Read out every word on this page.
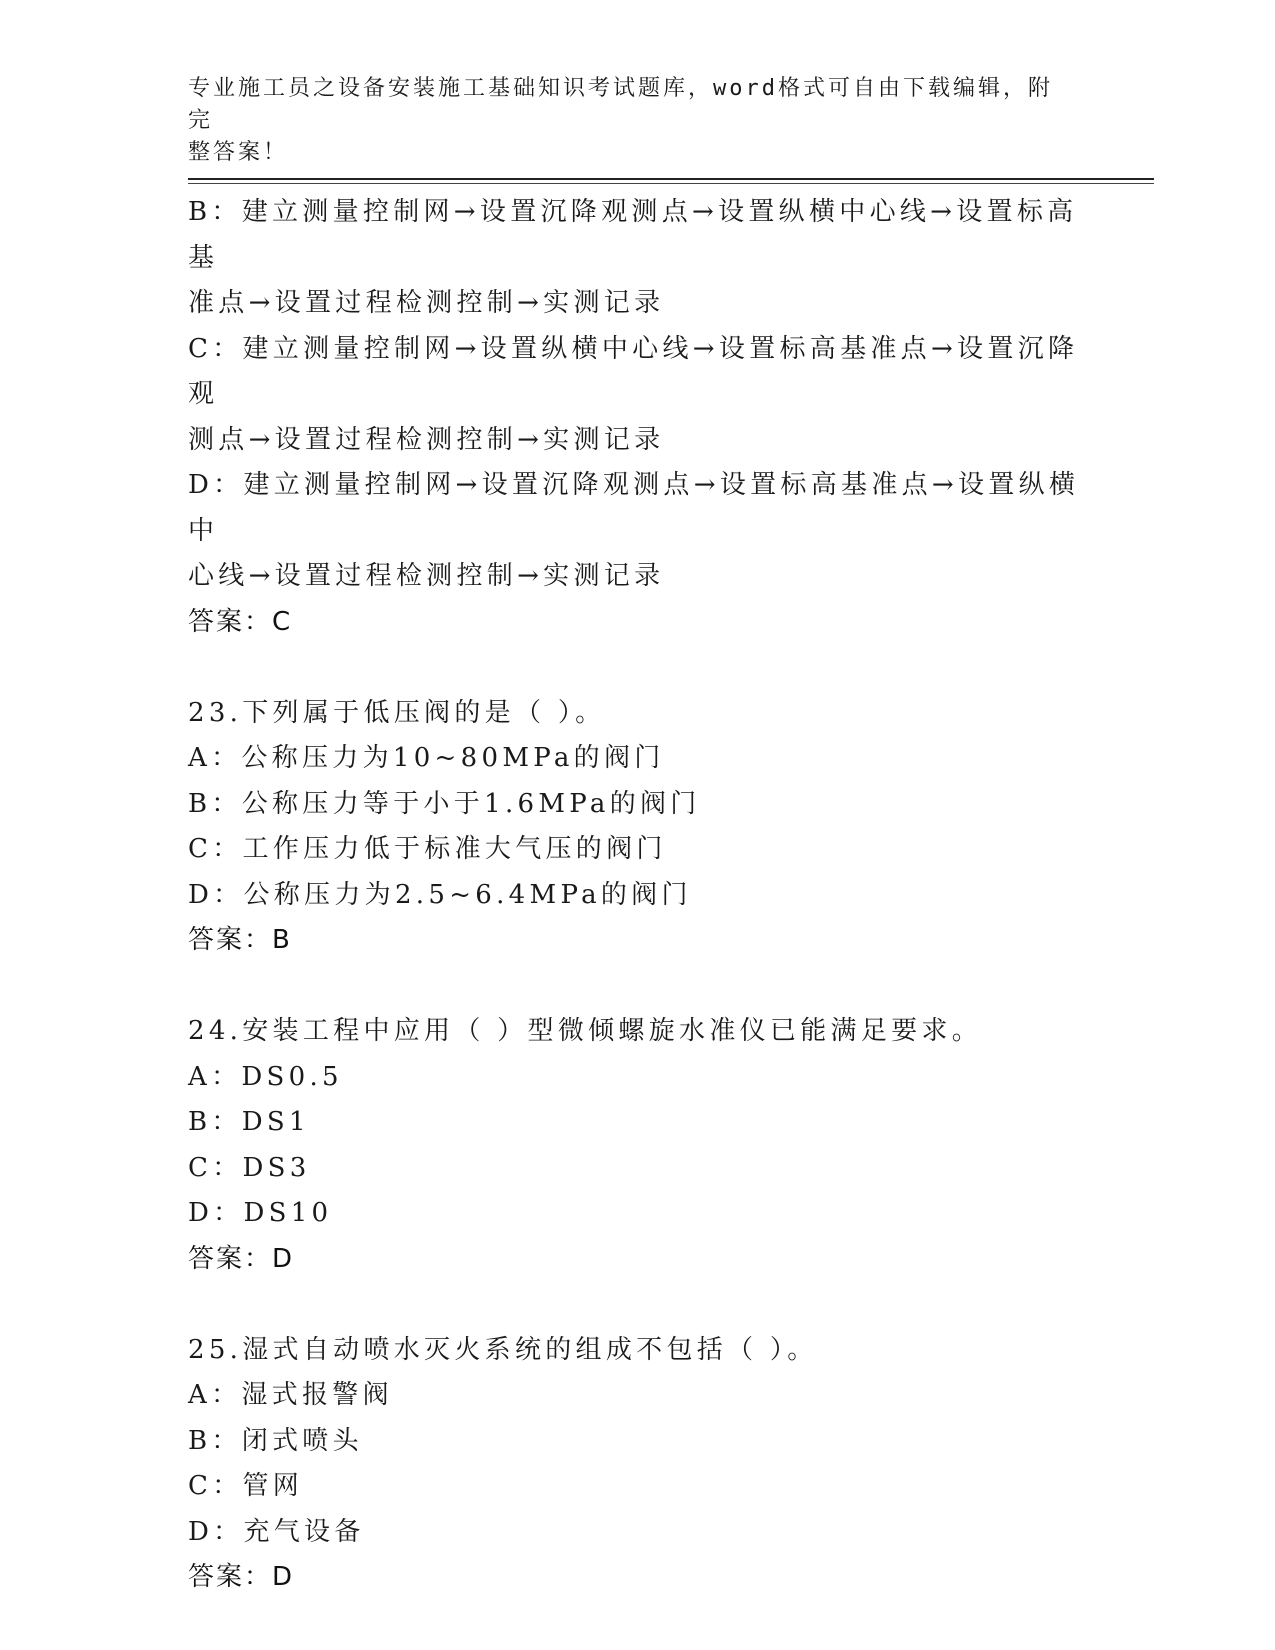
专业施工员之设备安装施工基础知识考试题库，word格式可自由下载编辑，附完
整答案！
B：建立测量控制网→设置沉降观测点→设置纵横中心线→设置标高基
准点→设置过程检测控制→实测记录
C：建立测量控制网→设置纵横中心线→设置标高基准点→设置沉降观
测点→设置过程检测控制→实测记录
D：建立测量控制网→设置沉降观测点→设置标高基准点→设置纵横中
心线→设置过程检测控制→实测记录
答案：C
23.下列属于低压阀的是（ ）。
A：公称压力为10~80MPa的阀门
B：公称压力等于小于1.6MPa的阀门
C：工作压力低于标准大气压的阀门
D：公称压力为2.5~6.4MPa的阀门
答案：B
24.安装工程中应用（ ）型微倾螺旋水准仪已能满足要求。
A：DS0.5
B：DS1
C：DS3
D：DS10
答案：D
25.湿式自动喷水灭火系统的组成不包括（ ）。
A：湿式报警阀
B：闭式喷头
C：管网
D：充气设备
答案：D
